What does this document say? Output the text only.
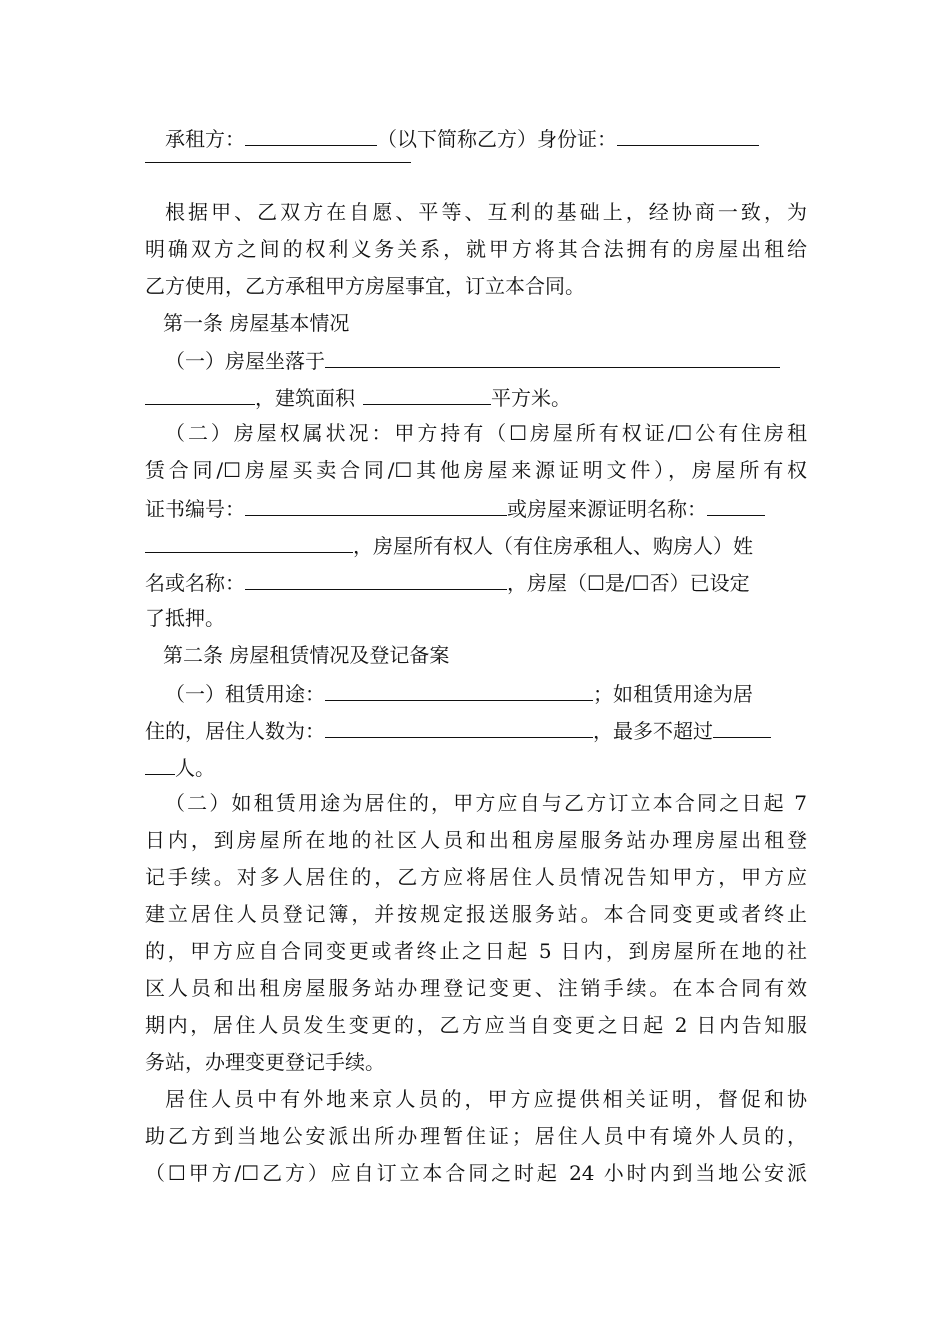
承租方：	（以下简称乙方）身份证：
根据甲、乙双方在自愿、平等、互利的基础上，经协商一致，为
明确双方之间的权利义务关系，就甲方将其合法拥有的房屋出租给
乙方使用，乙方承租甲方房屋事宜，订立本合同。
第一条 房屋基本情况
（一）房屋坐落于
，建筑面积	平方米。
（二）房屋权属状况：甲方持有（☐房屋所有权证/☐公有住房租
赁合同/☐房屋买卖合同/☐其他房屋来源证明文件），房屋所有权
证书编号：	或房屋来源证明名称：
，房屋所有权人（有住房承租人、购房人）姓
名或名称：	，房屋（☐是/☐否）已设定
了抵押。
第二条 房屋租赁情况及登记备案
（一）租赁用途：	；如租赁用途为居
住的，居住人数为：	，最多不超过
人。
（二）如租赁用途为居住的，甲方应自与乙方订立本合同之日起 7
日内，到房屋所在地的社区人员和出租房屋服务站办理房屋出租登
记手续。对多人居住的，乙方应将居住人员情况告知甲方，甲方应
建立居住人员登记簿，并按规定报送服务站。本合同变更或者终止
的，甲方应自合同变更或者终止之日起 5 日内，到房屋所在地的社
区人员和出租房屋服务站办理登记变更、注销手续。在本合同有效
期内，居住人员发生变更的，乙方应当自变更之日起 2 日内告知服
务站，办理变更登记手续。
居住人员中有外地来京人员的，甲方应提供相关证明，督促和协
助乙方到当地公安派出所办理暂住证；居住人员中有境外人员的，
（☐甲方/☐乙方）应自订立本合同之时起 24 小时内到当地公安派
